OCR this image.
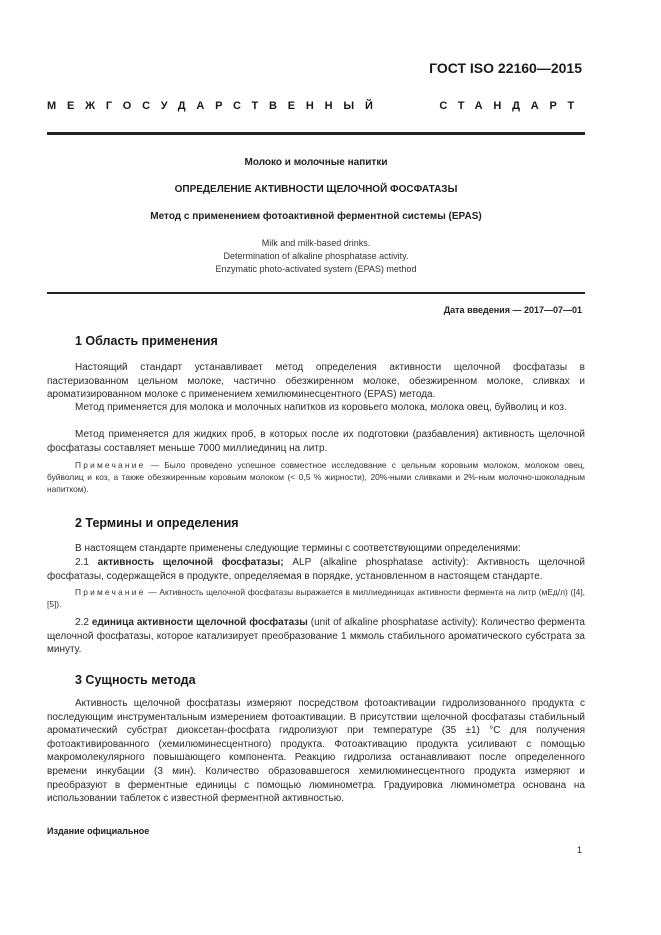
ГОСТ ISO 22160—2015
МЕЖГОСУДАРСТВЕННЫЙ	СТАНДАРТ
Молоко и молочные напитки
ОПРЕДЕЛЕНИЕ АКТИВНОСТИ ЩЕЛОЧНОЙ ФОСФАТАЗЫ
Метод с применением фотоактивной ферментной системы (EPAS)
Milk and milk-based drinks.
Determination of alkaline phosphatase activity.
Enzymatic photo-activated system (EPAS) method
Дата введения — 2017—07—01
1 Область применения
Настоящий стандарт устанавливает метод определения активности щелочной фосфатазы в пастеризованном цельном молоке, частично обезжиренном молоке, обезжиренном молоке, сливках и ароматизированном молоке с применением хемилюминесцентного (EPAS) метода.
Метод применяется для молока и молочных напитков из коровьего молока, молока овец, буйволиц и коз.
Метод применяется для жидких проб, в которых после их подготовки (разбавления) активность щелочной фосфатазы составляет меньше 7000 миллиединиц на литр.
Примечание — Было проведено успешное совместное исследование с цельным коровьим молоком, молоком овец, буйволиц и коз, а также обезжиренным коровьим молоком (< 0,5 % жирности), 20%-ными сливками и 2%-ным молочно-шоколадным напитком).
2 Термины и определения
В настоящем стандарте применены следующие термины с соответствующими определениями:
2.1 активность щелочной фосфатазы; ALP (alkaline phosphatase activity): Активность щелочной фосфатазы, содержащейся в продукте, определяемая в порядке, установленном в настоящем стандарте.
Примечание — Активность щелочной фосфатазы выражается в миллиединицах активности фермента на литр (мЕд/л) ([4], [5]).
2.2 единица активности щелочной фосфатазы (unit of alkaline phosphatase activity): Количество фермента щелочной фосфатазы, которое катализирует преобразование 1 мкмоль стабильного ароматического субстрата за минуту.
3 Сущность метода
Активность щелочной фосфатазы измеряют посредством фотоактивации гидролизованного продукта с последующим инструментальным измерением фотоактивации. В присутствии щелочной фосфатазы стабильный ароматический субстрат диоксетан-фосфата гидролизуют при температуре (35 ±1) °С для получения фотоактивированного (хемилюминесцентного) продукта. Фотоактивацию продукта усиливают с помощью макромолекулярного повышающего компонента. Реакцию гидролиза останавливают после определенного времени инкубации (3 мин). Количество образовавшегося хемилюминесцентного продукта измеряют и преобразуют в ферментные единицы с помощью люминометра. Градуировка люминометра основана на использовании таблеток с известной ферментной активностью.
Издание официальное
1
